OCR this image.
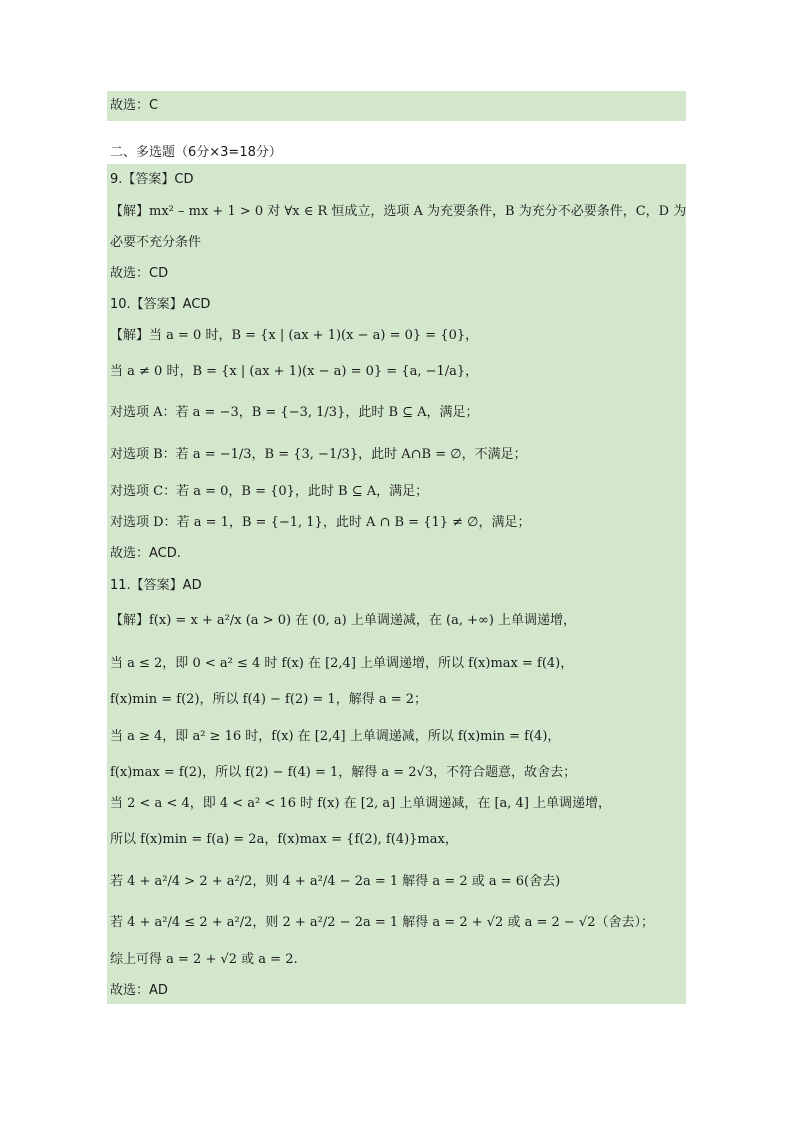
故选：C
二、多选题（6分×3=18分）
9.【答案】CD
【解】mx² – mx + 1 > 0 对 ∀x ∈ R 恒成立，选项 A 为充要条件，B 为充分不必要条件，C，D 为
必要不充分条件
故选：CD
10.【答案】ACD
【解】当 a = 0 时，B = {x | (ax + 1)(x − a) = 0} = {0}，
当 a ≠ 0 时，B = {x | (ax + 1)(x − a) = 0} = {a, −1/a}，
对选项 A：若 a = −3，B = {−3, 1/3}，此时 B ⊆ A，满足；
对选项 B：若 a = −1/3，B = {3, −1/3}，此时 A∩B = ∅，不满足；
对选项 C：若 a = 0，B = {0}，此时 B ⊆ A，满足；
对选项 D：若 a = 1，B = {−1, 1}，此时 A ∩ B = {1} ≠ ∅，满足；
故选：ACD.
11.【答案】AD
【解】f(x) = x + a²/x (a > 0) 在 (0, a) 上单调递减，在 (a, +∞) 上单调递增，
当 a ≤ 2，即 0 < a² ≤ 4 时 f(x) 在 [2,4] 上单调递增，所以 f(x)max = f(4)，
f(x)min = f(2)，所以 f(4) − f(2) = 1，解得 a = 2；
当 a ≥ 4，即 a² ≥ 16 时，f(x) 在 [2,4] 上单调递减，所以 f(x)min = f(4)，
f(x)max = f(2)，所以 f(2) − f(4) = 1，解得 a = 2√3，不符合题意，故舍去；
当 2 < a < 4，即 4 < a² < 16 时 f(x) 在 [2, a] 上单调递减，在 [a, 4] 上单调递增，
所以 f(x)min = f(a) = 2a，f(x)max = {f(2), f(4)}max，
若 4 + a²/4 > 2 + a²/2，则 4 + a²/4 − 2a = 1 解得 a = 2 或 a = 6(舍去)
若 4 + a²/4 ≤ 2 + a²/2，则 2 + a²/2 − 2a = 1 解得 a = 2 + √2 或 a = 2 − √2（舍去）；
综上可得 a = 2 + √2 或 a = 2.
故选：AD
